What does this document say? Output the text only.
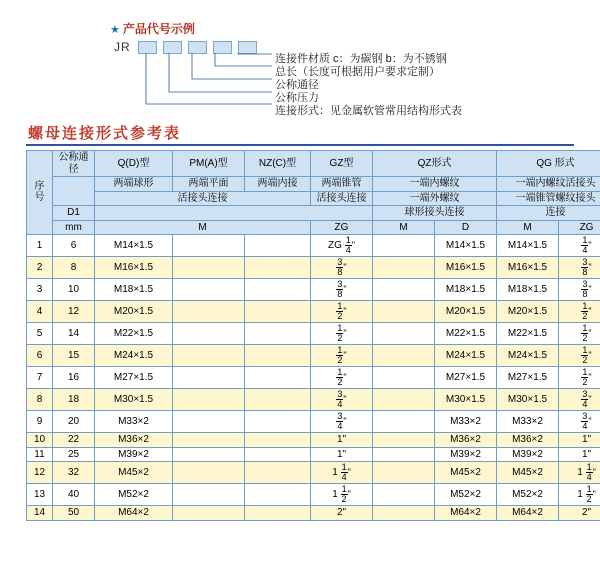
★ 产品代号示例
JR
连接件材质 c：为碳钢 b：为不锈钢
总长（长度可根据用户要求定制）
公称通径
公称压力
连接形式：见金属软管常用结构形式表
螺母连接形式参考表
序
号	公称通径	Q(D)型	PM(A)型	NZ(C)型	GZ型	QZ形式		QG 形式	
		两端球形	两端平面	两端内接	两端锥管	一端内螺纹		一端内螺纹活接头	
		活接头连接			活接头连接	一端外螺纹		一端锥管螺纹接头	
	D1					球形接头连接		连接	
	mm	M			ZG	M	D	M	ZG
1	6	M14×1.5			ZG $\frac{1}{4}$ "		M14×1.5	M14×1.5	$\frac{1}{4}$ "
2	8	M16×1.5			$\frac{3}{8}$ "		M16×1.5	M16×1.5	$\frac{3}{8}$ "
3	10	M18×1.5			$\frac{3}{8}$ "		M18×1.5	M18×1.5	$\frac{3}{8}$ "
4	12	M20×1.5			$\frac{1}{2}$ "		M20×1.5	M20×1.5	$\frac{1}{2}$ "
5	14	M22×1.5			$\frac{1}{2}$ "		M22×1.5	M22×1.5	$\frac{1}{2}$ "
6	15	M24×1.5			$\frac{1}{2}$ "		M24×1.5	M24×1.5	$\frac{1}{2}$ "
7	16	M27×1.5			$\frac{1}{2}$ "		M27×1.5	M27×1.5	$\frac{1}{2}$ "
8	18	M30×1.5			$\frac{3}{4}$ "		M30×1.5	M30×1.5	$\frac{3}{4}$ "
9	20	M33×2			$\frac{3}{4}$ "		M33×2	M33×2	$\frac{3}{4}$ "
10	22	M36×2			1"		M36×2	M36×2	1"
11	25	M39×2			1"		M39×2	M39×2	1"
12	32	M45×2			$1 \frac{1}{4}$ "		M45×2	M45×2	$1 \frac{1}{4}$ "
13	40	M52×2			$1 \frac{1}{2}$ "		M52×2	M52×2	$1 \frac{1}{2}$ "
14	50	M64×2			2"		M64×2	M64×2	2"
